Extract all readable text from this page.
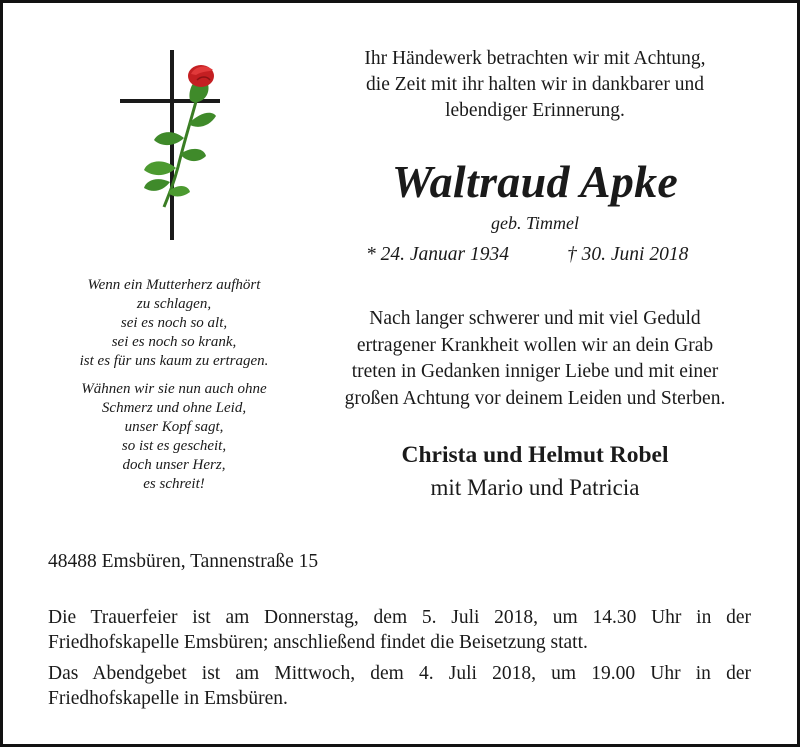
Wenn ein Mutterherz aufhört
zu schlagen,
sei es noch so alt,
sei es noch so krank,
ist es für uns kaum zu ertragen.
Wähnen wir sie nun auch ohne
Schmerz und ohne Leid,
unser Kopf sagt,
so ist es gescheit,
doch unser Herz,
es schreit!
Ihr Händewerk betrachten wir mit Achtung,
die Zeit mit ihr halten wir in dankbarer und
lebendiger Erinnerung.
Waltraud Apke
geb. Timmel
* 24. Januar 1934	† 30. Juni 2018
Nach langer schwerer und mit viel Geduld
ertragener Krankheit wollen wir an dein Grab
treten in Gedanken inniger Liebe und mit einer
großen Achtung vor deinem Leiden und Sterben.
Christa und Helmut Robel
mit Mario und Patricia
48488 Emsbüren, Tannenstraße 15
Die Trauerfeier ist am Donnerstag, dem 5. Juli 2018, um 14.30 Uhr in der Friedhofskapelle Emsbüren; anschließend findet die Beisetzung statt.
Das Abendgebet ist am Mittwoch, dem 4. Juli 2018, um 19.00 Uhr in der Friedhofskapelle in Emsbüren.
